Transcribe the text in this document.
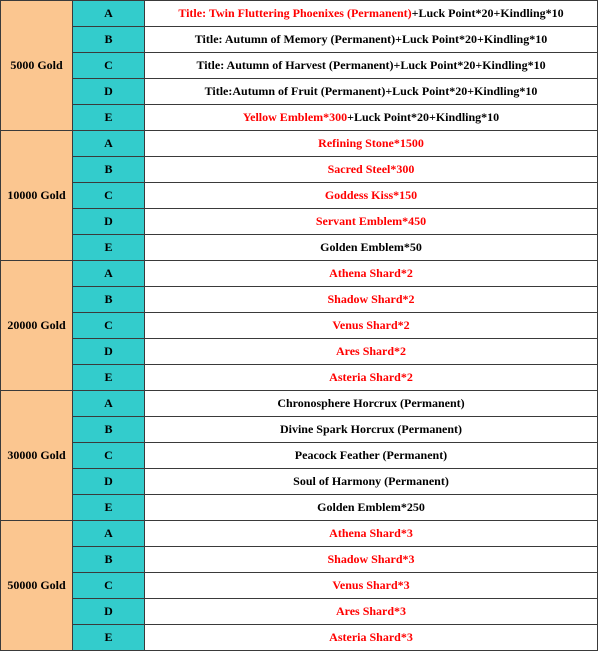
5000 Gold	A	Title: Twin Fluttering Phoenixes (Permanent)+Luck Point*20+Kindling*10
	B	Title: Autumn of Memory (Permanent)+Luck Point*20+Kindling*10
	C	Title: Autumn of Harvest (Permanent)+Luck Point*20+Kindling*10
	D	Title:Autumn of Fruit (Permanent)+Luck Point*20+Kindling*10
	E	Yellow Emblem*300+Luck Point*20+Kindling*10
10000 Gold	A	Refining Stone*1500
	B	Sacred Steel*300
	C	Goddess Kiss*150
	D	Servant Emblem*450
	E	Golden Emblem*50
20000 Gold	A	Athena Shard*2
	B	Shadow Shard*2
	C	Venus Shard*2
	D	Ares Shard*2
	E	Asteria Shard*2
30000 Gold	A	Chronosphere Horcrux (Permanent)
	B	Divine Spark Horcrux (Permanent)
	C	Peacock Feather (Permanent)
	D	Soul of Harmony (Permanent)
	E	Golden Emblem*250
50000 Gold	A	Athena Shard*3
	B	Shadow Shard*3
	C	Venus Shard*3
	D	Ares Shard*3
	E	Asteria Shard*3
